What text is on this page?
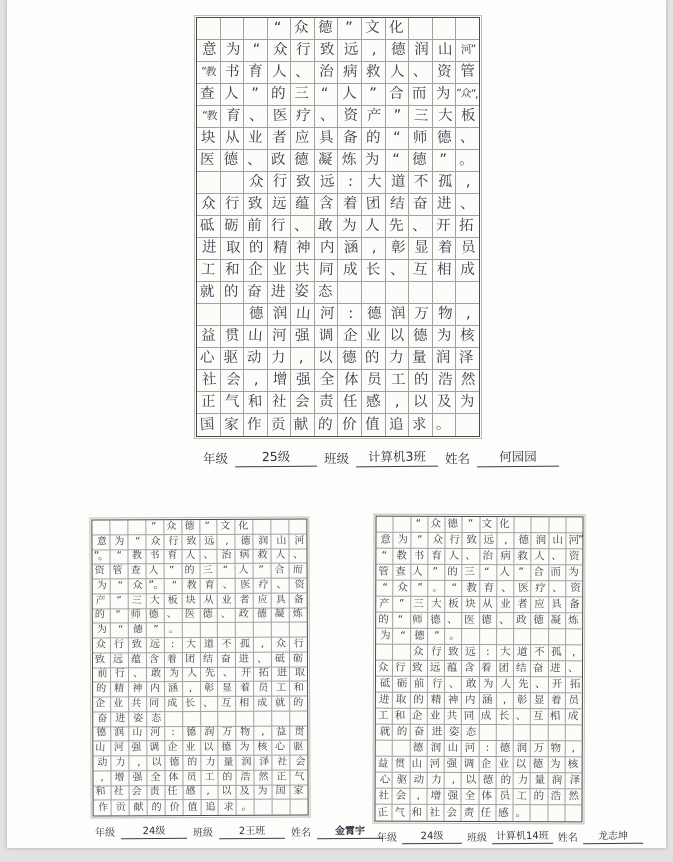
“ 众 德 ” 文 化
意 为 “ 众 行 致 远 , 德 润 山 河”
“教 书 育 人 、 治 病 救 人 、 资 管
查 人 ” 的 三 “ 人 ” 合 而 为 “众”,
“教 育 、 医 疗 、 资 产 ” 三 大 板
块 从 业 者 应 具 备 的 “ 师 德 、
医 德 、 政 德 凝 炼 为 “ 德 ” 。
众 行 致 远 : 大 道 不 孤 ,
众 行 致 远 蕴 含 着 团 结 奋 进 、
砥 砺 前 行 、 敢 为 人 先 、 开 拓
进 取 的 精 神 内 涵 , 彰 显 着 员
工 和 企 业 共 同 成 长 、 互 相 成
就 的 奋 进 姿 态
德 润 山 河 : 德 润 万 物 ,
益 贯 山 河 强 调 企 业 以 德 为 核
心 驱 动 力 , 以 德 的 力 量 润 泽
社 会 , 增 强 全 体 员 工 的 浩 然
正 气 和 社 会 责 任 感 , 以 及 为
国 家 作 贡 献 的 价 值 追 求 。
年级	25级	班级	计算机3班	姓名	何园园
“ 众 德 ” 文 化
意 为 “ 众 行 致 远 , 德 润 山 河
”。 “ 教 书 育 人 、 治 病 救 人 、
资 管 查 人 ” 的 三 “ 人 ” 合 而
为 “ 众 ”。 “ 教 育 、 医 疗 、 资
产 ” 三 大 板 块 从 业 者 应 具 备
的 “ 师 德 、 医 德 、 政 德 凝 炼
为 “ 德 ” 。
众 行 致 远 : 大 道 不 孤 , 众 行
致 远 蕴 含 着 团 结 奋 进 、 砥 砺
前 行 、 敢 为 人 先 、 开 拓 进 取
的 精 神 内 涵 , 彰 显 着 员 工 和
企 业 共 同 成 长 、 互 相 成 就 的
奋 进 姿 态
德 润 山 河 : 德 润 万 物 , 益 贯
山 河 强 调 企 业 以 德 为 核 心 驱
动 力 , 以 德 的 力 量 润 泽 社 会
, 增 强 全 体 员 工 的 浩 然 正 气
和 社 会 责 任 感 , 以 及 为 国 家
作 贡 献 的 价 值 追 求 。
年级	24级	班级	2王班	姓名	金霄宇
“ 众 德 ” 文 化
意 为 “ 众 行 致 远 , 德 润 山 河”
“ 教 书 育 人 、 治 病 救 人 、 资
管 查 人 ” 的 三 “ 人 ” 合 而 为
“ 众 ” 。 “ 教 育 、 医 疗 、 资
产 ” 三 大 板 块 从 业 者 应 具 备
的 “ 师 德 、 医 德 、 政 德 凝 炼
为 “ 德 ” 。
众 行 致 远 : 大 道 不 孤 ,
众 行 致 远 蕴 含 着 团 结 奋 进 、
砥 砺 前 行 、 敢 为 人 先 、 开 拓
进 取 的 精 神 内 涵 , 彰 显 着 员
工 和 企 业 共 同 成 长 、 互 相 成
就 的 奋 进 姿 态
德 润 山 河 : 德 润 万 物 ,
益 贯 山 河 强 调 企 业 以 德 为 核
心 驱 动 力 , 以 德 的 力 量 润 泽
社 会 , 增 强 全 体 员 工 的 浩 然
正 气 和 社 会 责 任 感 。
年级	24级	班级 计算机14班 姓名	龙志坤
